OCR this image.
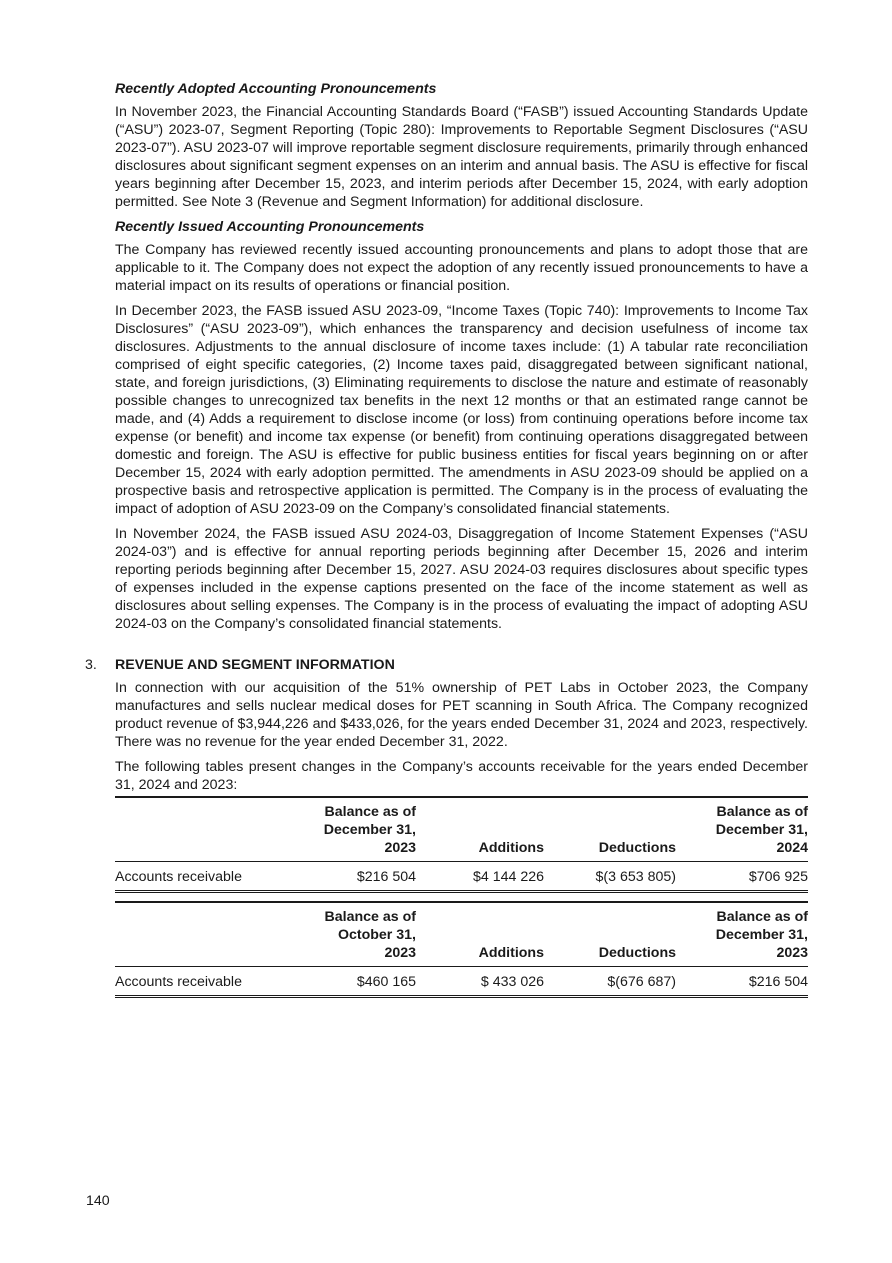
Recently Adopted Accounting Pronouncements
In November 2023, the Financial Accounting Standards Board (“FASB”) issued Accounting Standards Update (“ASU”) 2023-07, Segment Reporting (Topic 280): Improvements to Reportable Segment Disclosures (“ASU 2023-07”). ASU 2023-07 will improve reportable segment disclosure requirements, primarily through enhanced disclosures about significant segment expenses on an interim and annual basis. The ASU is effective for fiscal years beginning after December 15, 2023, and interim periods after December 15, 2024, with early adoption permitted. See Note 3 (Revenue and Segment Information) for additional disclosure.
Recently Issued Accounting Pronouncements
The Company has reviewed recently issued accounting pronouncements and plans to adopt those that are applicable to it. The Company does not expect the adoption of any recently issued pronouncements to have a material impact on its results of operations or financial position.
In December 2023, the FASB issued ASU 2023-09, “Income Taxes (Topic 740): Improvements to Income Tax Disclosures” (“ASU 2023-09”), which enhances the transparency and decision usefulness of income tax disclosures. Adjustments to the annual disclosure of income taxes include: (1) A tabular rate reconciliation comprised of eight specific categories, (2) Income taxes paid, disaggregated between significant national, state, and foreign jurisdictions, (3) Eliminating requirements to disclose the nature and estimate of reasonably possible changes to unrecognized tax benefits in the next 12 months or that an estimated range cannot be made, and (4) Adds a requirement to disclose income (or loss) from continuing operations before income tax expense (or benefit) and income tax expense (or benefit) from continuing operations disaggregated between domestic and foreign. The ASU is effective for public business entities for fiscal years beginning on or after December 15, 2024 with early adoption permitted. The amendments in ASU 2023-09 should be applied on a prospective basis and retrospective application is permitted. The Company is in the process of evaluating the impact of adoption of ASU 2023-09 on the Company’s consolidated financial statements.
In November 2024, the FASB issued ASU 2024-03, Disaggregation of Income Statement Expenses (“ASU 2024-03”) and is effective for annual reporting periods beginning after December 15, 2026 and interim reporting periods beginning after December 15, 2027. ASU 2024-03 requires disclosures about specific types of expenses included in the expense captions presented on the face of the income statement as well as disclosures about selling expenses. The Company is in the process of evaluating the impact of adopting ASU 2024-03 on the Company’s consolidated financial statements.
3. REVENUE AND SEGMENT INFORMATION
In connection with our acquisition of the 51% ownership of PET Labs in October 2023, the Company manufactures and sells nuclear medical doses for PET scanning in South Africa. The Company recognized product revenue of $3,944,226 and $433,026, for the years ended December 31, 2024 and 2023, respectively. There was no revenue for the year ended December 31, 2022.
The following tables present changes in the Company’s accounts receivable for the years ended December 31, 2024 and 2023:
	Balance as of
December 31,
2023	Additions	Deductions	Balance as of
December 31,
2024
Accounts receivable	$216 504	$4 144 226	$(3 653 805)	$706 925
	Balance as of
October 31,
2023	Additions	Deductions	Balance as of
December 31,
2023
Accounts receivable	$460 165	$ 433 026	$(676 687)	$216 504
140
